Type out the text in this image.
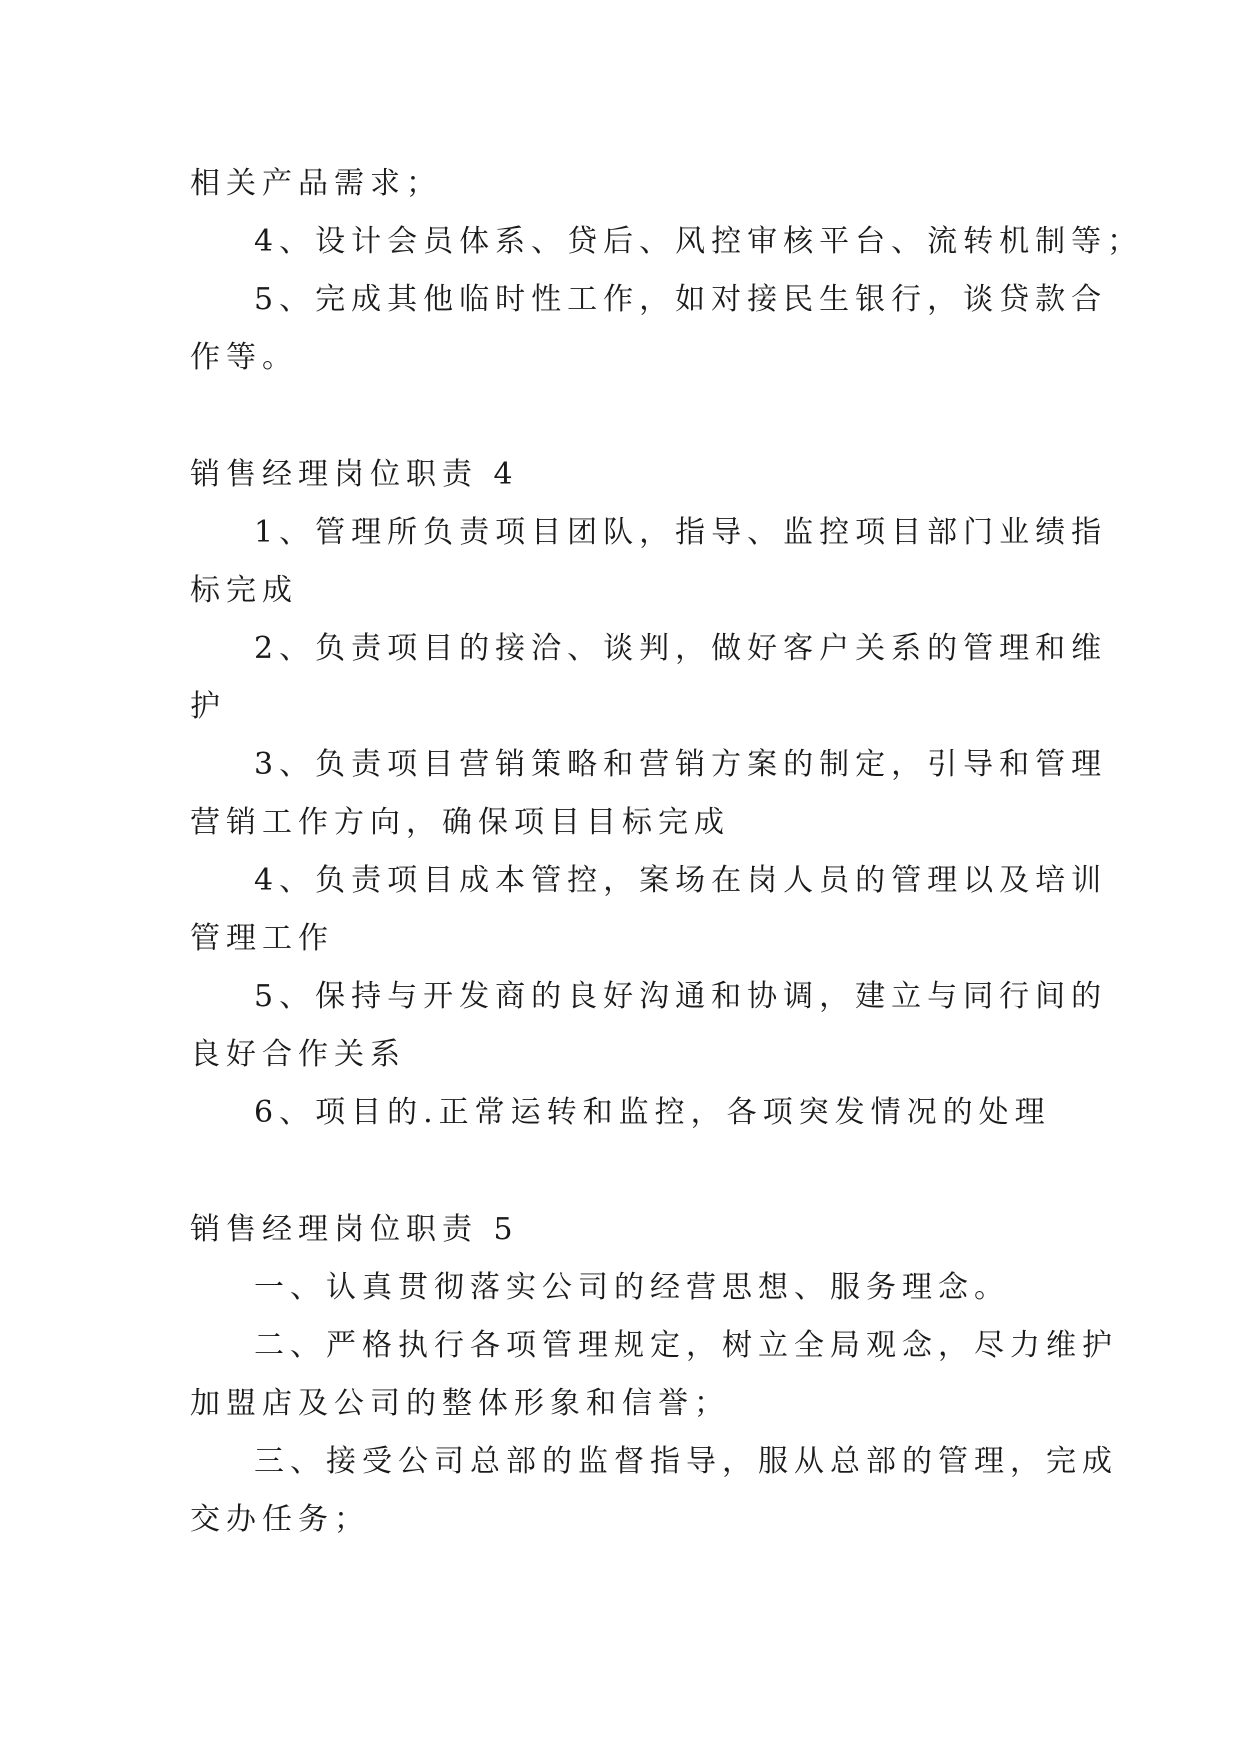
相关产品需求；

4、设计会员体系、贷后、风控审核平台、流转机制等；

5、完成其他临时性工作，如对接民生银行，谈贷款合

作等。

销售经理岗位职责 4

1、管理所负责项目团队，指导、监控项目部门业绩指

标完成

2、负责项目的接洽、谈判，做好客户关系的管理和维

护

3、负责项目营销策略和营销方案的制定，引导和管理

营销工作方向，确保项目目标完成

4、负责项目成本管控，案场在岗人员的管理以及培训

管理工作

5、保持与开发商的良好沟通和协调，建立与同行间的

良好合作关系

6、项目的.正常运转和监控，各项突发情况的处理

销售经理岗位职责 5

一、认真贯彻落实公司的经营思想、服务理念。

二、严格执行各项管理规定，树立全局观念，尽力维护

加盟店及公司的整体形象和信誉；

三、接受公司总部的监督指导，服从总部的管理，完成

交办任务；
